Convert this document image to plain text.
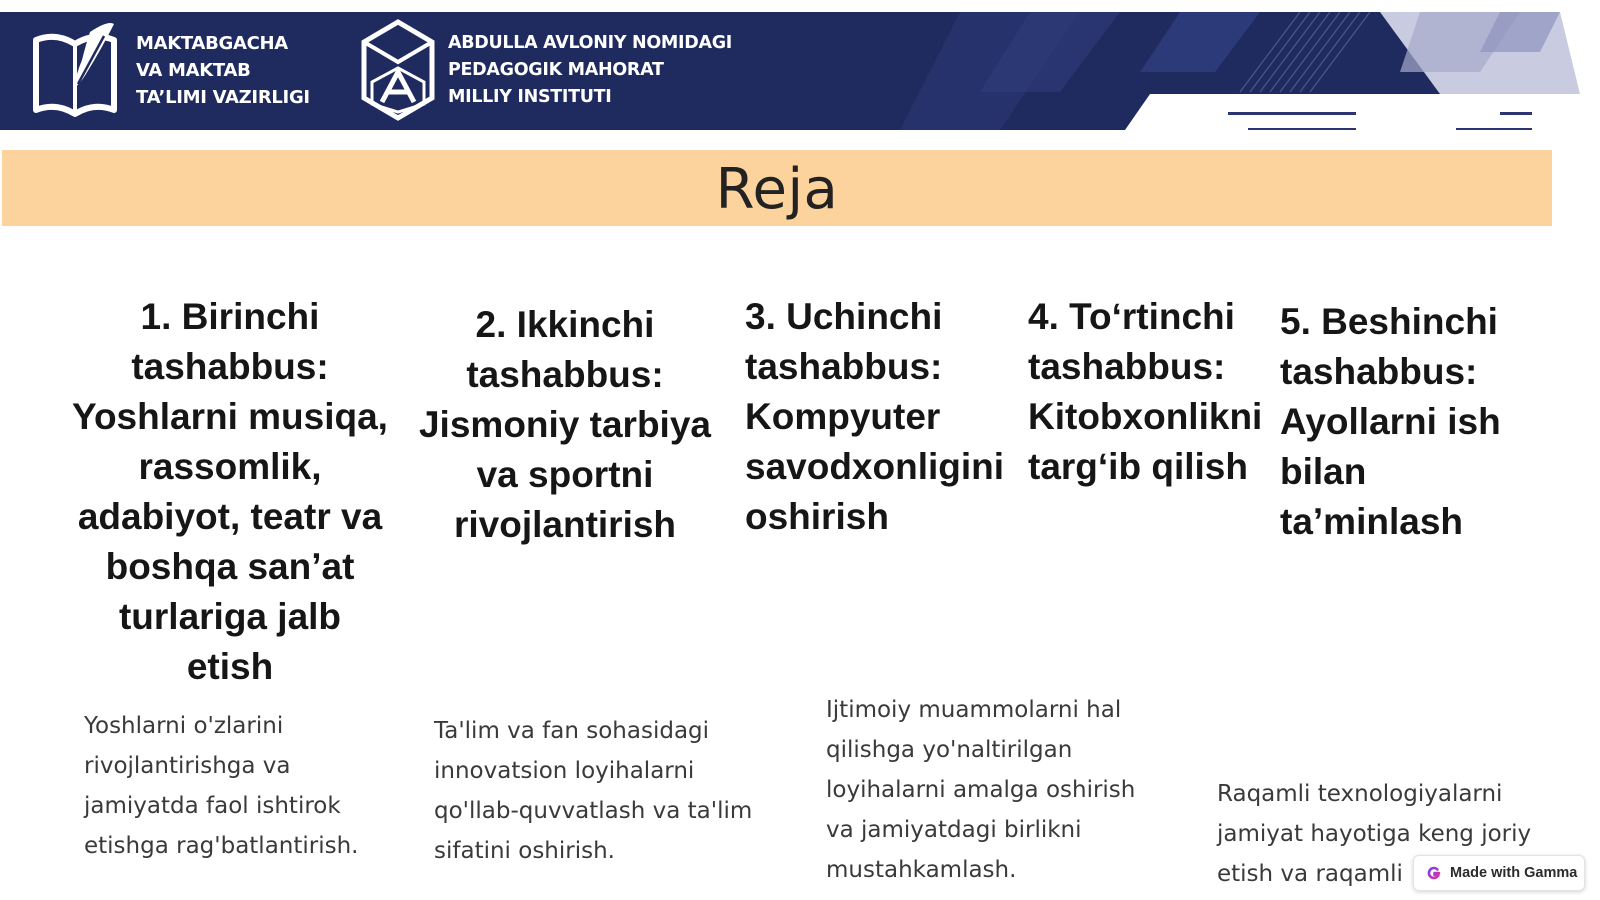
MAKTABGACHA
VA MAKTAB
TA’LIMI VAZIRLIGI
ABDULLA AVLONIY NOMIDAGI
PEDAGOGIK MAHORAT
MILLIY INSTITUTI
Reja
1. Birinchi
tashabbus:
Yoshlarni musiqa,
rassomlik,
adabiyot, teatr va
boshqa san’at
turlariga jalb
etish
2. Ikkinchi
tashabbus:
Jismoniy tarbiya
va sportni
rivojlantirish
3. Uchinchi
tashabbus:
Kompyuter
savodxonligini
oshirish
4. To‘rtinchi
tashabbus:
Kitobxonlikni
targ‘ib qilish
5. Beshinchi
tashabbus:
Ayollarni ish
bilan
ta’minlash
Yoshlarni o'zlarini
rivojlantirishga va
jamiyatda faol ishtirok
etishga rag'batlantirish.
Ta'lim va fan sohasidagi
innovatsion loyihalarni
qo'llab-quvvatlash va ta'lim
sifatini oshirish.
Ijtimoiy muammolarni hal
qilishga yo'naltirilgan
loyihalarni amalga oshirish
va jamiyatdagi birlikni
mustahkamlash.
Raqamli texnologiyalarni
jamiyat hayotiga keng joriy
etish va raqamli	Made with Gamma
